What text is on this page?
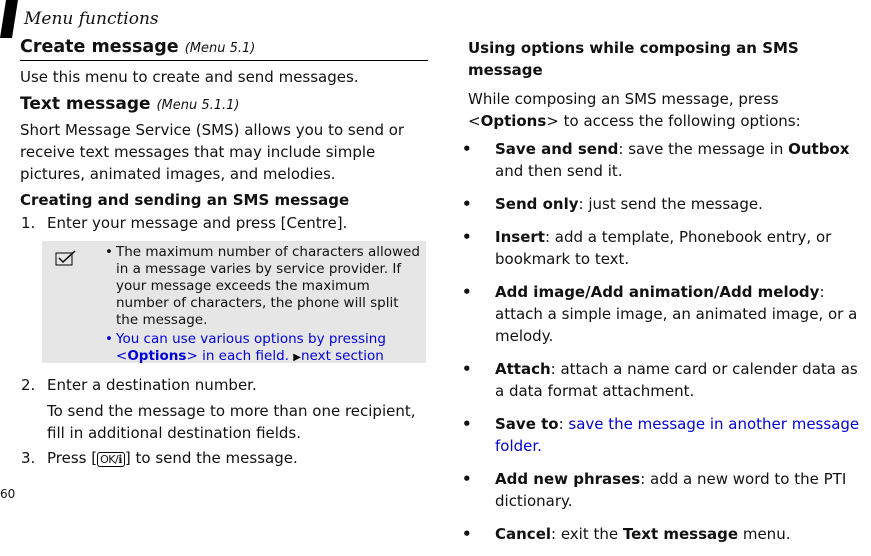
Menu functions
Create message (Menu 5.1)

Use this menu to create and send messages.

Text message (Menu 5.1.1)

Short Message Service (SMS) allows you to send or receive text messages that may include simple pictures, animated images, and melodies.

Creating and sending an SMS message

1. Enter your message and press [Centre].
• The maximum number of characters allowed in a message varies by service provider. If your message exceeds the maximum number of characters, the phone will split the message.
• You can use various options by pressing
<Options> in each field. ▶next section
2. Enter a destination number.
To send the message to more than one recipient, fill in additional destination fields.
3. Press [ OK/ℹ ] to send the message.

Using options while composing an SMS message

While composing an SMS message, press <Options> to access the following options:

• Save and send: save the message in Outbox and then send it.
• Send only: just send the message.
• Insert: add a template, Phonebook entry, or bookmark to text.
• Add image/Add animation/Add melody: attach a simple image, an animated image, or a melody.
• Attach: attach a name card or calender data as a data format attachment.
• Save to: save the message in another message folder.
• Add new phrases: add a new word to the PTI dictionary.
• Cancel: exit the Text message menu.
60
